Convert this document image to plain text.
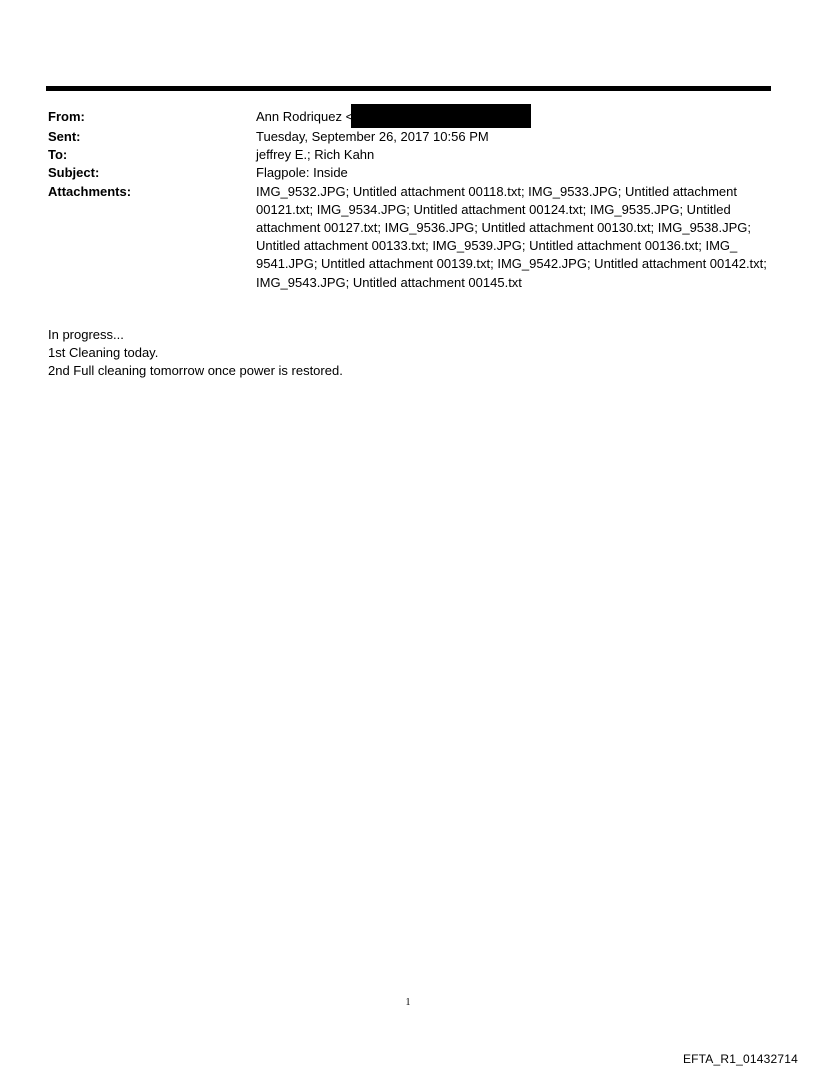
From:	Ann Rodriquez <
Sent:	Tuesday, September 26, 2017 10:56 PM
To:	jeffrey E.; Rich Kahn
Subject:	Flagpole: Inside
Attachments:	IMG_9532.JPG; Untitled attachment 00118.txt; IMG_9533.JPG; Untitled attachment 00121.txt; IMG_9534.JPG; Untitled attachment 00124.txt; IMG_9535.JPG; Untitled attachment 00127.txt; IMG_9536.JPG; Untitled attachment 00130.txt; IMG_9538.JPG; Untitled attachment 00133.txt; IMG_9539.JPG; Untitled attachment 00136.txt; IMG_ 9541.JPG; Untitled attachment 00139.txt; IMG_9542.JPG; Untitled attachment 00142.txt; IMG_9543.JPG; Untitled attachment 00145.txt
In progress...
1st Cleaning today.
2nd Full cleaning tomorrow once power is restored.
1
EFTA_R1_01432714
